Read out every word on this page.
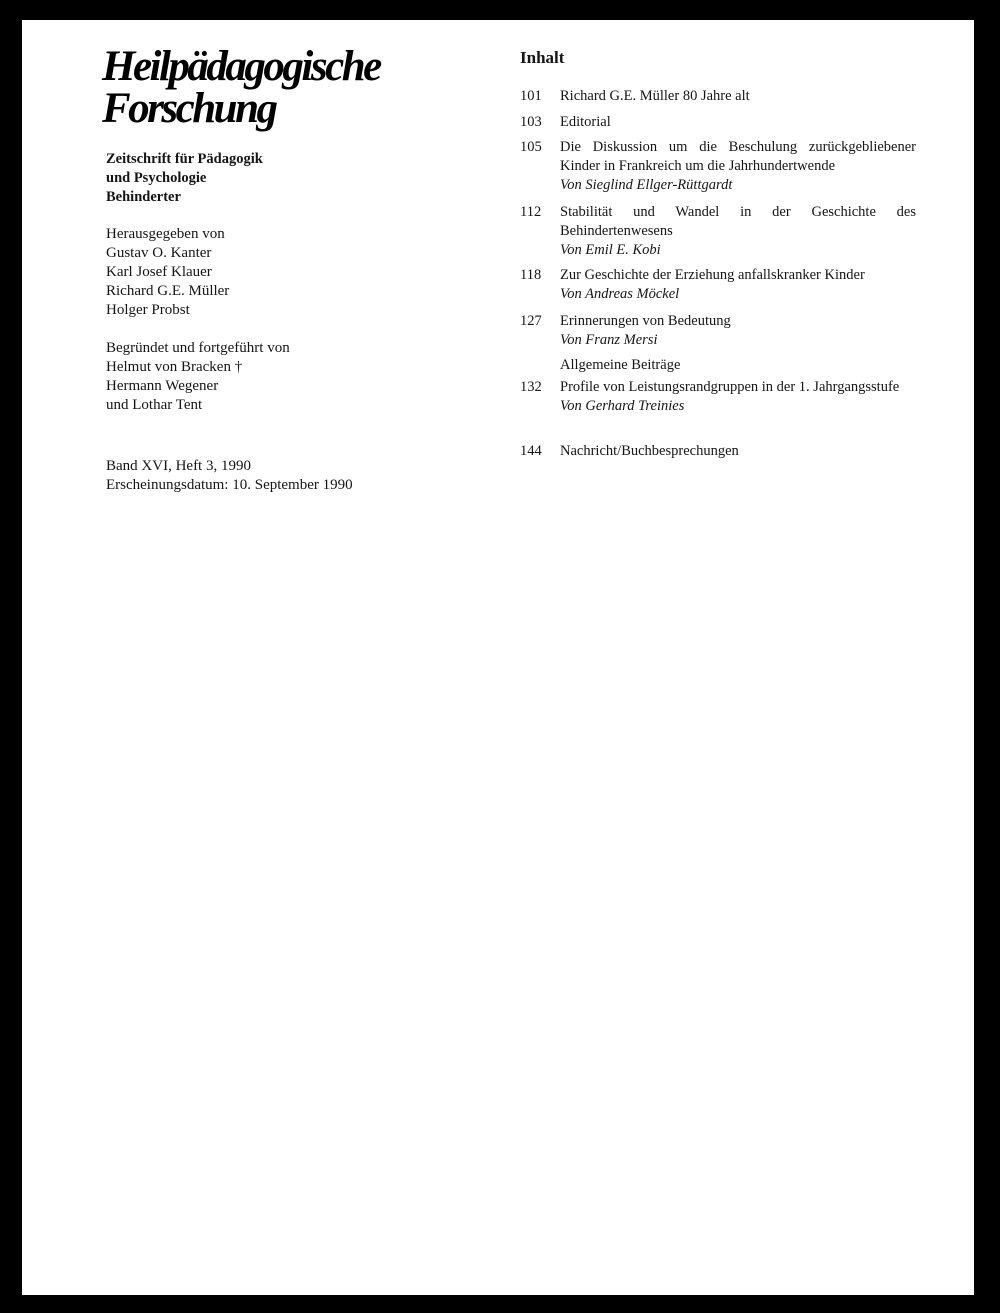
Heilpädagogische
Forschung
Zeitschrift für Pädagogik
und Psychologie
Behinderter
Herausgegeben von
Gustav O. Kanter
Karl Josef Klauer
Richard G.E. Müller
Holger Probst
Begründet und fortgeführt von
Helmut von Bracken †
Hermann Wegener
und Lothar Tent
Band XVI, Heft 3, 1990
Erscheinungsdatum: 10. September 1990
Inhalt
101	Richard G.E. Müller 80 Jahre alt
103	Editorial
105	Die Diskussion um die Beschulung zurückgebliebener Kinder in Frankreich um die Jahrhundertwende
Von Sieglind Ellger-Rüttgardt
112	Stabilität und Wandel in der Geschichte des Behindertenwesens
Von Emil E. Kobi
118	Zur Geschichte der Erziehung anfallskranker Kinder
Von Andreas Möckel
127	Erinnerungen von Bedeutung
Von Franz Mersi
Allgemeine Beiträge
132	Profile von Leistungsrandgruppen in der 1. Jahrgangsstufe
Von Gerhard Treinies
144	Nachricht/Buchbesprechungen
